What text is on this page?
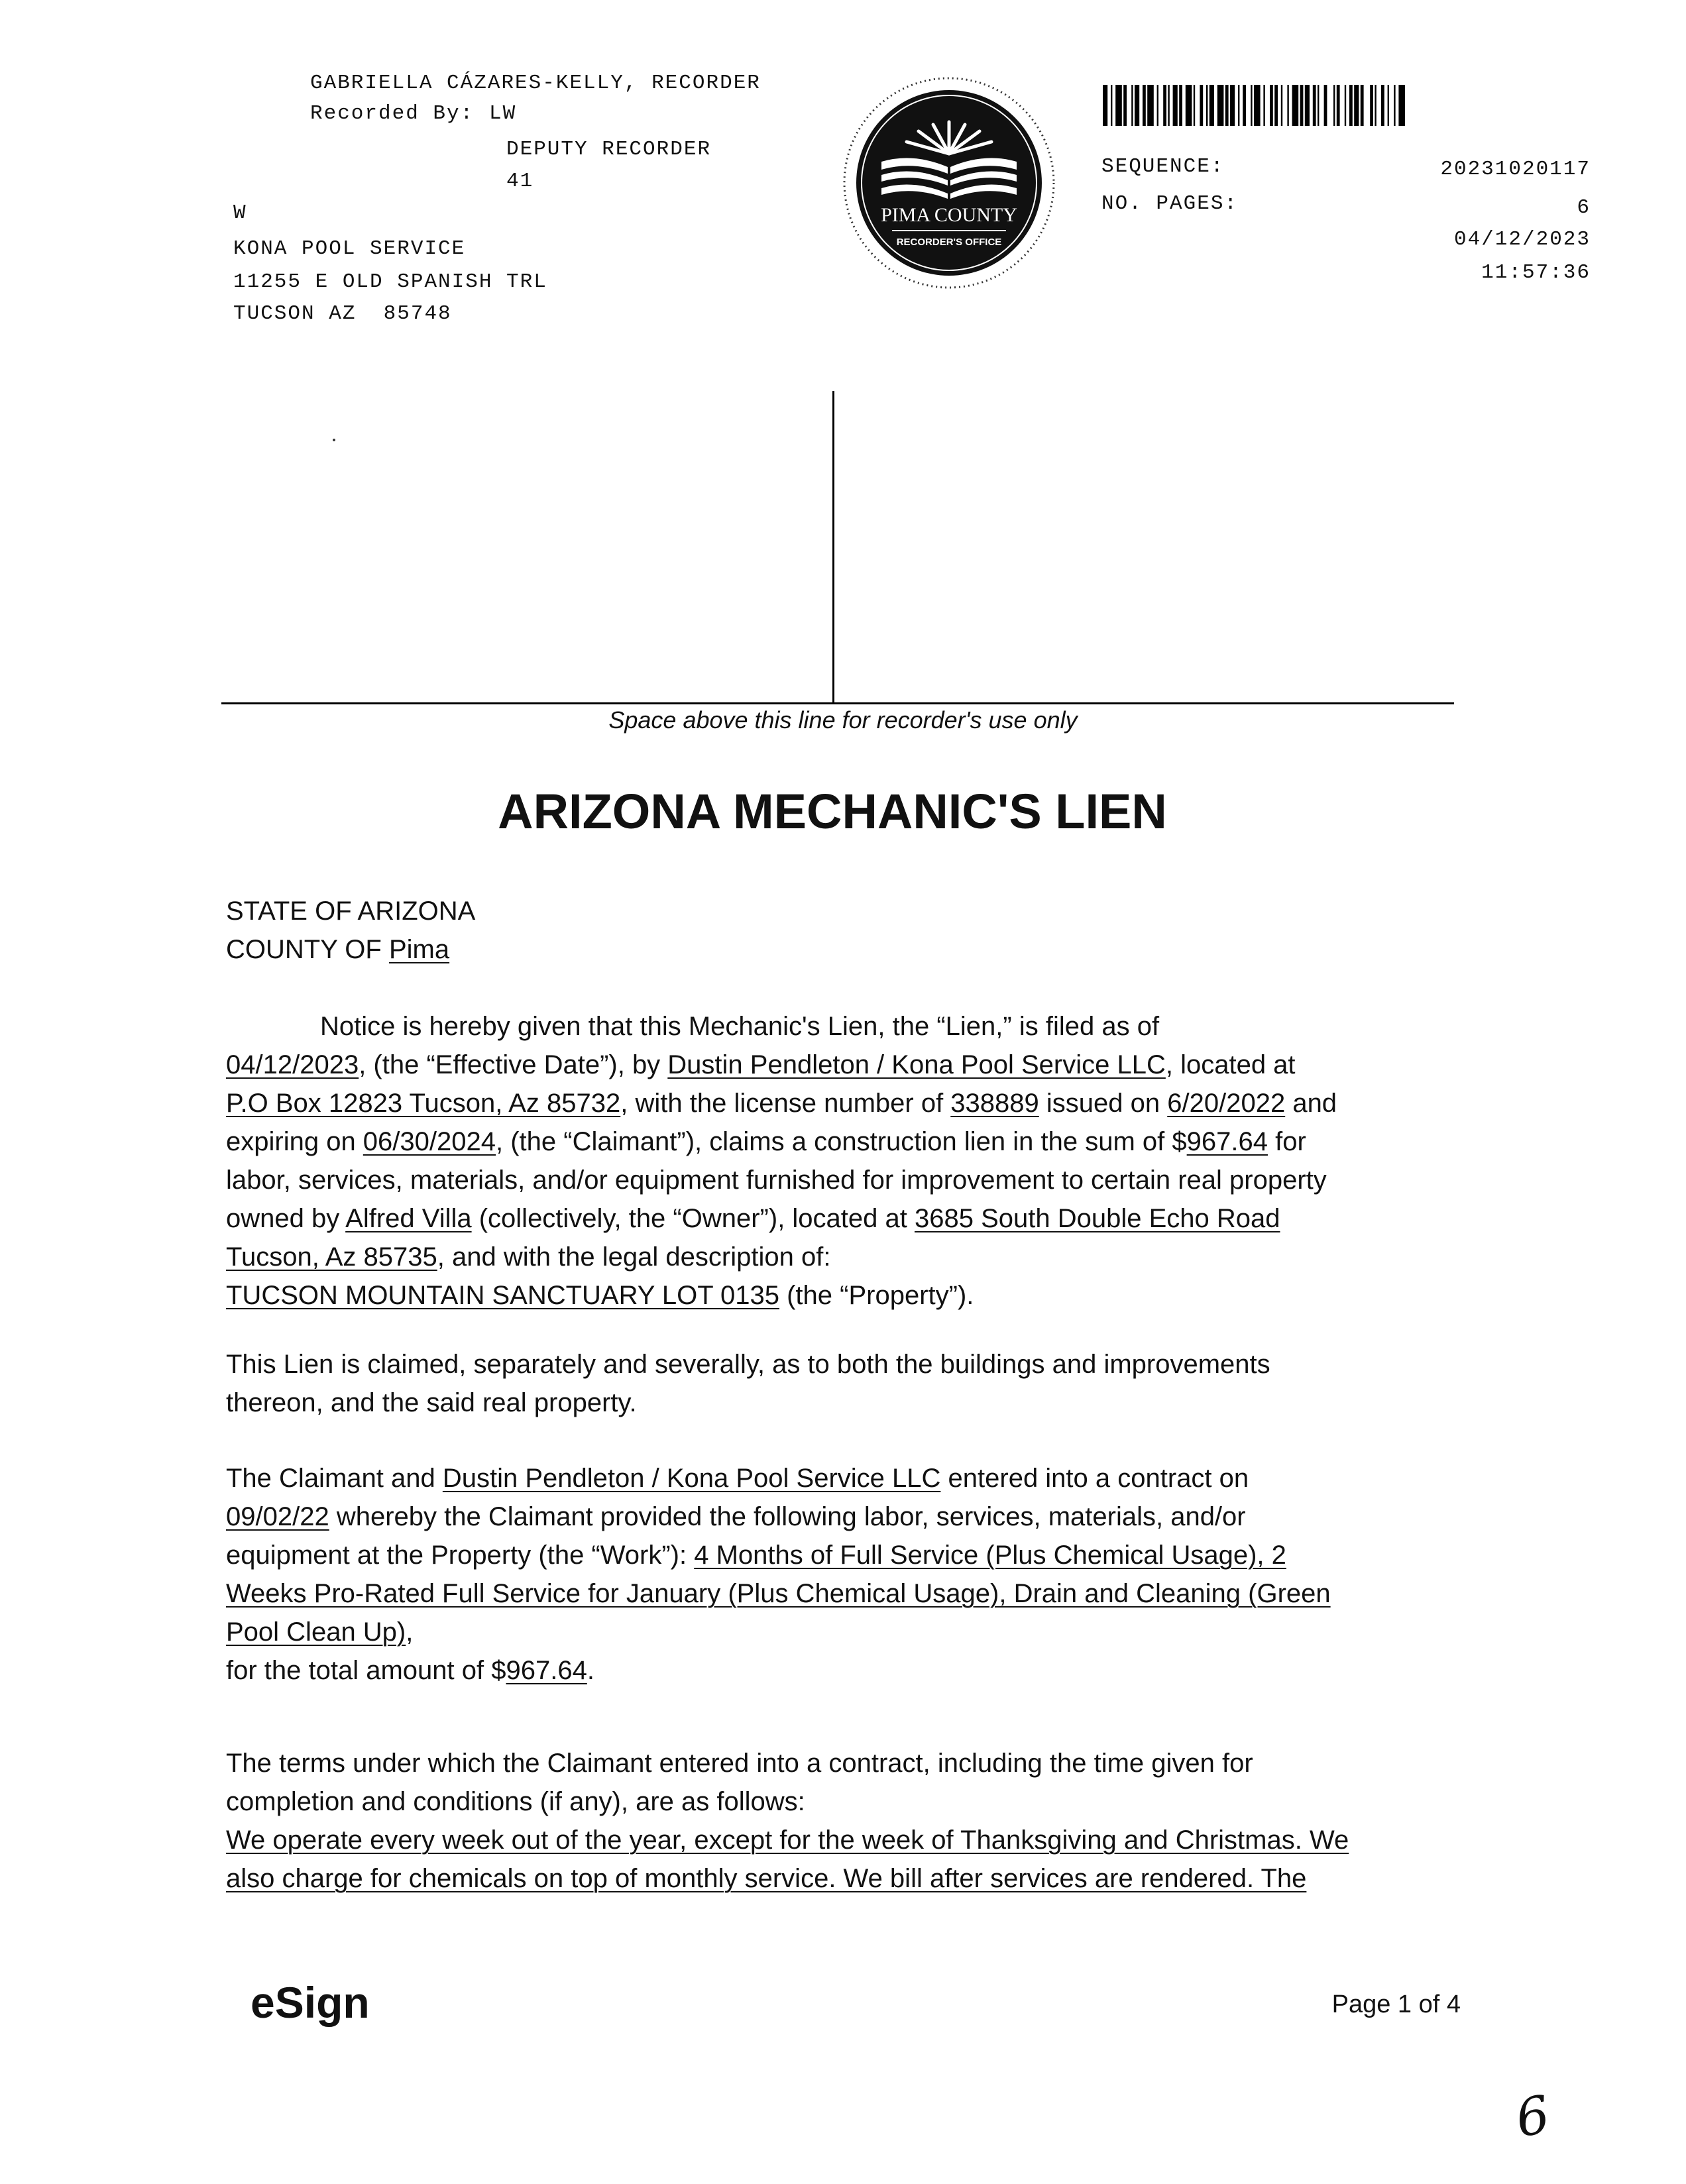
GABRIELLA CÁZARES-KELLY, RECORDER
Recorded By: LW
DEPUTY RECORDER
41
W
KONA POOL SERVICE
11255 E OLD SPANISH TRL
TUCSON AZ  85748
PIMA COUNTY
RECORDER'S OFFICE
SEQUENCE:	20231020117
NO. PAGES:	6
04/12/2023
11:57:36
Space above this line for recorder's use only
ARIZONA MECHANIC'S LIEN
STATE OF ARIZONA
COUNTY OF Pima
Notice is hereby given that this Mechanic's Lien, the “Lien,” is filed as of
04/12/2023, (the “Effective Date”), by Dustin Pendleton / Kona Pool Service LLC, located at
P.O Box 12823 Tucson, Az 85732, with the license number of 338889 issued on 6/20/2022 and
expiring on 06/30/2024, (the “Claimant”), claims a construction lien in the sum of $967.64 for
labor, services, materials, and/or equipment furnished for improvement to certain real property
owned by Alfred Villa (collectively, the “Owner”), located at 3685 South Double Echo Road
Tucson, Az 85735, and with the legal description of:
TUCSON MOUNTAIN SANCTUARY LOT 0135 (the “Property”).
This Lien is claimed, separately and severally, as to both the buildings and improvements
thereon, and the said real property.
The Claimant and Dustin Pendleton / Kona Pool Service LLC entered into a contract on
09/02/22 whereby the Claimant provided the following labor, services, materials, and/or
equipment at the Property (the “Work”): 4 Months of Full Service (Plus Chemical Usage), 2
Weeks Pro-Rated Full Service for January (Plus Chemical Usage), Drain and Cleaning (Green
Pool Clean Up),
for the total amount of $967.64.
The terms under which the Claimant entered into a contract, including the time given for
completion and conditions (if any), are as follows:
We operate every week out of the year, except for the week of Thanksgiving and Christmas. We
also charge for chemicals on top of monthly service. We bill after services are rendered. The
eSign	Page 1 of 4
6
